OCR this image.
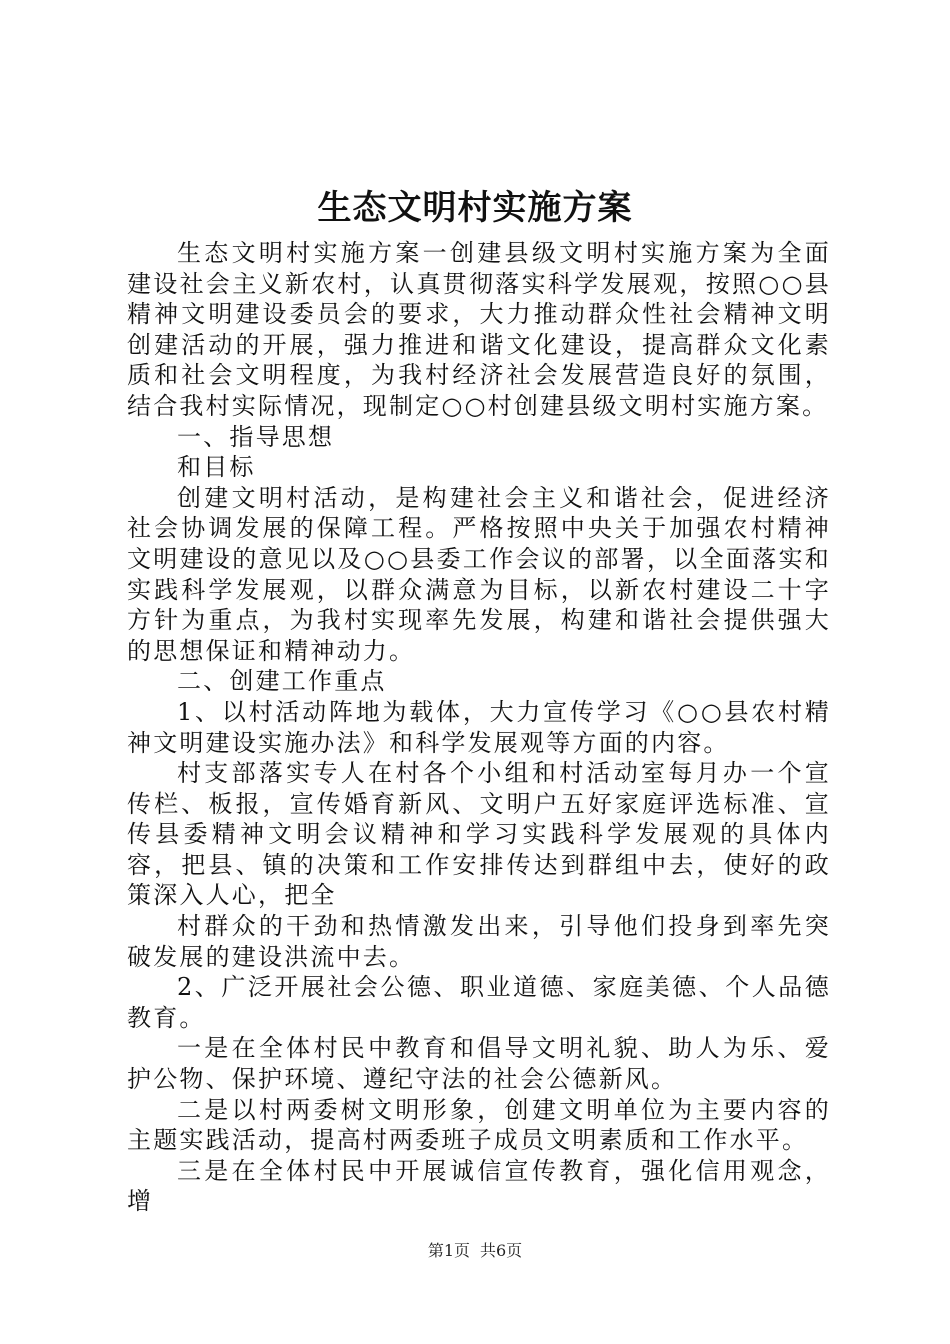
生态文明村实施方案

生态文明村实施方案一创建县级文明村实施方案为全面建设社会主义新农村，认真贯彻落实科学发展观，按照○○县精神文明建设委员会的要求，大力推动群众性社会精神文明创建活动的开展，强力推进和谐文化建设，提高群众文化素质和社会文明程度，为我村经济社会发展营造良好的氛围，结合我村实际情况，现制定○○村创建县级文明村实施方案。

一、指导思想

和目标

创建文明村活动，是构建社会主义和谐社会，促进经济社会协调发展的保障工程。严格按照中央关于加强农村精神文明建设的意见以及○○县委工作会议的部署，以全面落实和实践科学发展观，以群众满意为目标，以新农村建设二十字方针为重点，为我村实现率先发展，构建和谐社会提供强大的思想保证和精神动力。

二、创建工作重点

1、以村活动阵地为载体，大力宣传学习《○○县农村精神文明建设实施办法》和科学发展观等方面的内容。

村支部落实专人在村各个小组和村活动室每月办一个宣传栏、板报，宣传婚育新风、文明户五好家庭评选标准、宣传县委精神文明会议精神和学习实践科学发展观的具体内容，把县、镇的决策和工作安排传达到群组中去，使好的政策深入人心，把全

村群众的干劲和热情激发出来，引导他们投身到率先突破发展的建设洪流中去。

2、广泛开展社会公德、职业道德、家庭美德、个人品德教育。

一是在全体村民中教育和倡导文明礼貌、助人为乐、爱护公物、保护环境、遵纪守法的社会公德新风。

二是以村两委树文明形象，创建文明单位为主要内容的主题实践活动，提高村两委班子成员文明素质和工作水平。

三是在全体村民中开展诚信宣传教育，强化信用观念，增

第1页 共6页
